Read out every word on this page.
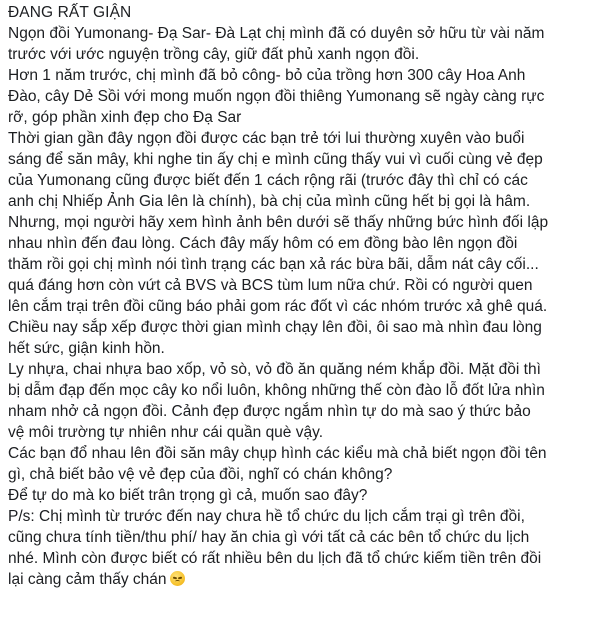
ĐANG RẤT GIẬN
Ngọn đồi Yumonang- Đạ Sar- Đà Lạt chị mình đã có duyên sở hữu từ vài năm
trước với ước nguyện trồng cây, giữ đất phủ xanh ngọn đồi.
Hơn 1 năm trước, chị mình đã bỏ công- bỏ của trồng hơn 300 cây Hoa Anh
Đào, cây Dẻ Sồi với mong muốn ngọn đồi thiêng Yumonang sẽ ngày càng rực
rỡ, góp phần xinh đẹp cho Đạ Sar
Thời gian gần đây ngọn đồi được các bạn trẻ tới lui thường xuyên vào buổi
sáng để săn mây, khi nghe tin ấy chị e mình cũng thấy vui vì cuối cùng vẻ đẹp
của Yumonang cũng được biết đến 1 cách rộng rãi (trước đây thì chỉ có các
anh chị Nhiếp Ảnh Gia lên là chính), bà chị của mình cũng hết bị gọi là hâm.
Nhưng, mọi người hãy xem hình ảnh bên dưới sẽ thấy những bức hình đối lập
nhau nhìn đến đau lòng. Cách đây mấy hôm có em đồng bào lên ngọn đồi
thăm rồi gọi chị mình nói tình trạng các bạn xả rác bừa bãi, dẫm nát cây cối...
quá đáng hơn còn vứt cả BVS và BCS tùm lum nữa chứ. Rồi có người quen
lên cắm trại trên đồi cũng báo phải gom rác đốt vì các nhóm trước xả ghê quá.
Chiều nay sắp xếp được thời gian mình chạy lên đồi, ôi sao mà nhìn đau lòng
hết sức, giận kinh hồn.
Ly nhựa, chai nhựa bao xốp, vỏ sò, vỏ đồ ăn quăng ném khắp đồi. Mặt đồi thì
bị dẫm đạp đến mọc cây ko nổi luôn, không những thế còn đào lỗ đốt lửa nhìn
nham nhở cả ngọn đồi. Cảnh đẹp được ngắm nhìn tự do mà sao ý thức bảo
vệ môi trường tự nhiên như cái quần què vậy.
Các bạn đổ nhau lên đồi săn mây chụp hình các kiểu mà chả biết ngọn đồi tên
gì, chả biết bảo vệ vẻ đẹp của đồi, nghĩ có chán không?
Để tự do mà ko biết trân trọng gì cả, muốn sao đây?
P/s: Chị mình từ trước đến nay chưa hề tổ chức du lịch cắm trại gì trên đồi,
cũng chưa tính tiền/thu phí/ hay ăn chia gì với tất cả các bên tổ chức du lịch
nhé. Mình còn được biết có rất nhiều bên du lịch đã tổ chức kiếm tiền trên đồi
lại càng cảm thấy chán
